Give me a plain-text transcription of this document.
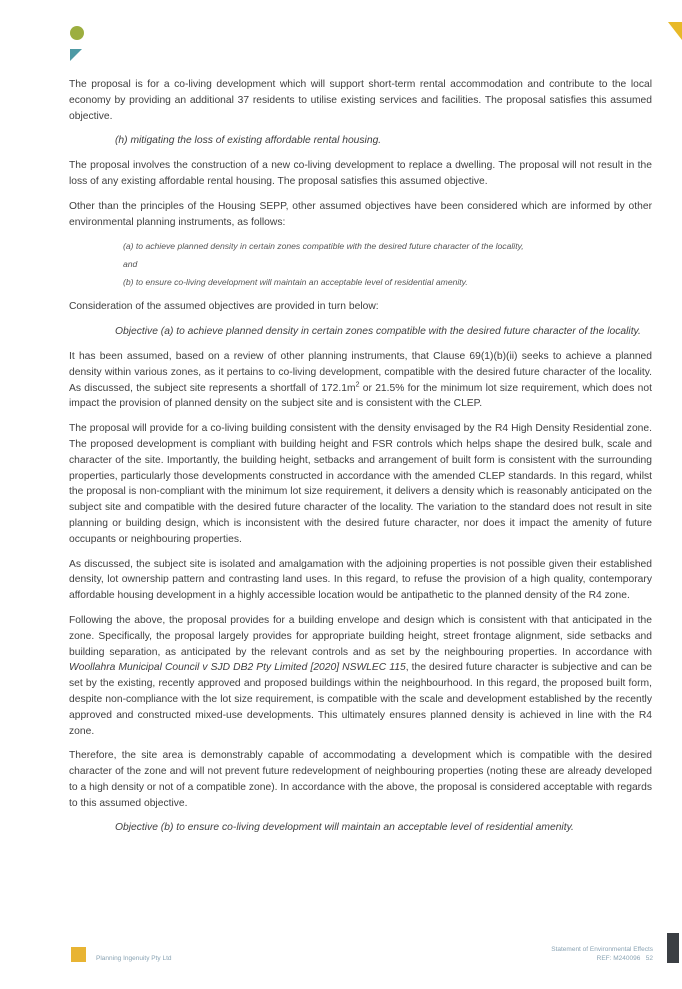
The proposal is for a co-living development which will support short-term rental accommodation and contribute to the local economy by providing an additional 37 residents to utilise existing services and facilities. The proposal satisfies this assumed objective.

(h) mitigating the loss of existing affordable rental housing.

The proposal involves the construction of a new co-living development to replace a dwelling. The proposal will not result in the loss of any existing affordable rental housing. The proposal satisfies this assumed objective.

Other than the principles of the Housing SEPP, other assumed objectives have been considered which are informed by other environmental planning instruments, as follows:

(a) to achieve planned density in certain zones compatible with the desired future character of the locality,

and

(b) to ensure co-living development will maintain an acceptable level of residential amenity.

Consideration of the assumed objectives are provided in turn below:

Objective (a) to achieve planned density in certain zones compatible with the desired future character of the locality.

It has been assumed, based on a review of other planning instruments, that Clause 69(1)(b)(ii) seeks to achieve a planned density within various zones, as it pertains to co-living development, compatible with the desired future character of the locality. As discussed, the subject site represents a shortfall of $172.1m^2$ or 21.5% for the minimum lot size requirement, which does not impact the provision of planned density on the subject site and is consistent with the CLEP.

The proposal will provide for a co-living building consistent with the density envisaged by the R4 High Density Residential zone. The proposed development is compliant with building height and FSR controls which helps shape the desired bulk, scale and character of the site. Importantly, the building height, setbacks and arrangement of built form is consistent with the surrounding properties, particularly those developments constructed in accordance with the amended CLEP standards. In this regard, whilst the proposal is non-compliant with the minimum lot size requirement, it delivers a density which is reasonably anticipated on the subject site and compatible with the desired future character of the locality. The variation to the standard does not result in site planning or building design, which is inconsistent with the desired future character, nor does it impact the amenity of future occupants or neighbouring properties.

As discussed, the subject site is isolated and amalgamation with the adjoining properties is not possible given their established density, lot ownership pattern and contrasting land uses. In this regard, to refuse the provision of a high quality, contemporary affordable housing development in a highly accessible location would be antipathetic to the planned density of the R4 zone.

Following the above, the proposal provides for a building envelope and design which is consistent with that anticipated in the zone. Specifically, the proposal largely provides for appropriate building height, street frontage alignment, side setbacks and building separation, as anticipated by the relevant controls and as set by the neighbouring properties. In accordance with Woollahra Municipal Council v SJD DB2 Pty Limited [2020] NSWLEC 115, the desired future character is subjective and can be set by the existing, recently approved and proposed buildings within the neighbourhood. In this regard, the proposed built form, despite non-compliance with the lot size requirement, is compatible with the scale and development established by the recently approved and constructed mixed-use developments. This ultimately ensures planned density is achieved in line with the R4 zone.

Therefore, the site area is demonstrably capable of accommodating a development which is compatible with the desired character of the zone and will not prevent future redevelopment of neighbouring properties (noting these are already developed to a high density or not of a compatible zone). In accordance with the above, the proposal is considered acceptable with regards to this assumed objective.

Objective (b) to ensure co-living development will maintain an acceptable level of residential amenity.

Planning Ingenuity Pty Ltd
Statement of Environmental Effects
REF: M240096 52
